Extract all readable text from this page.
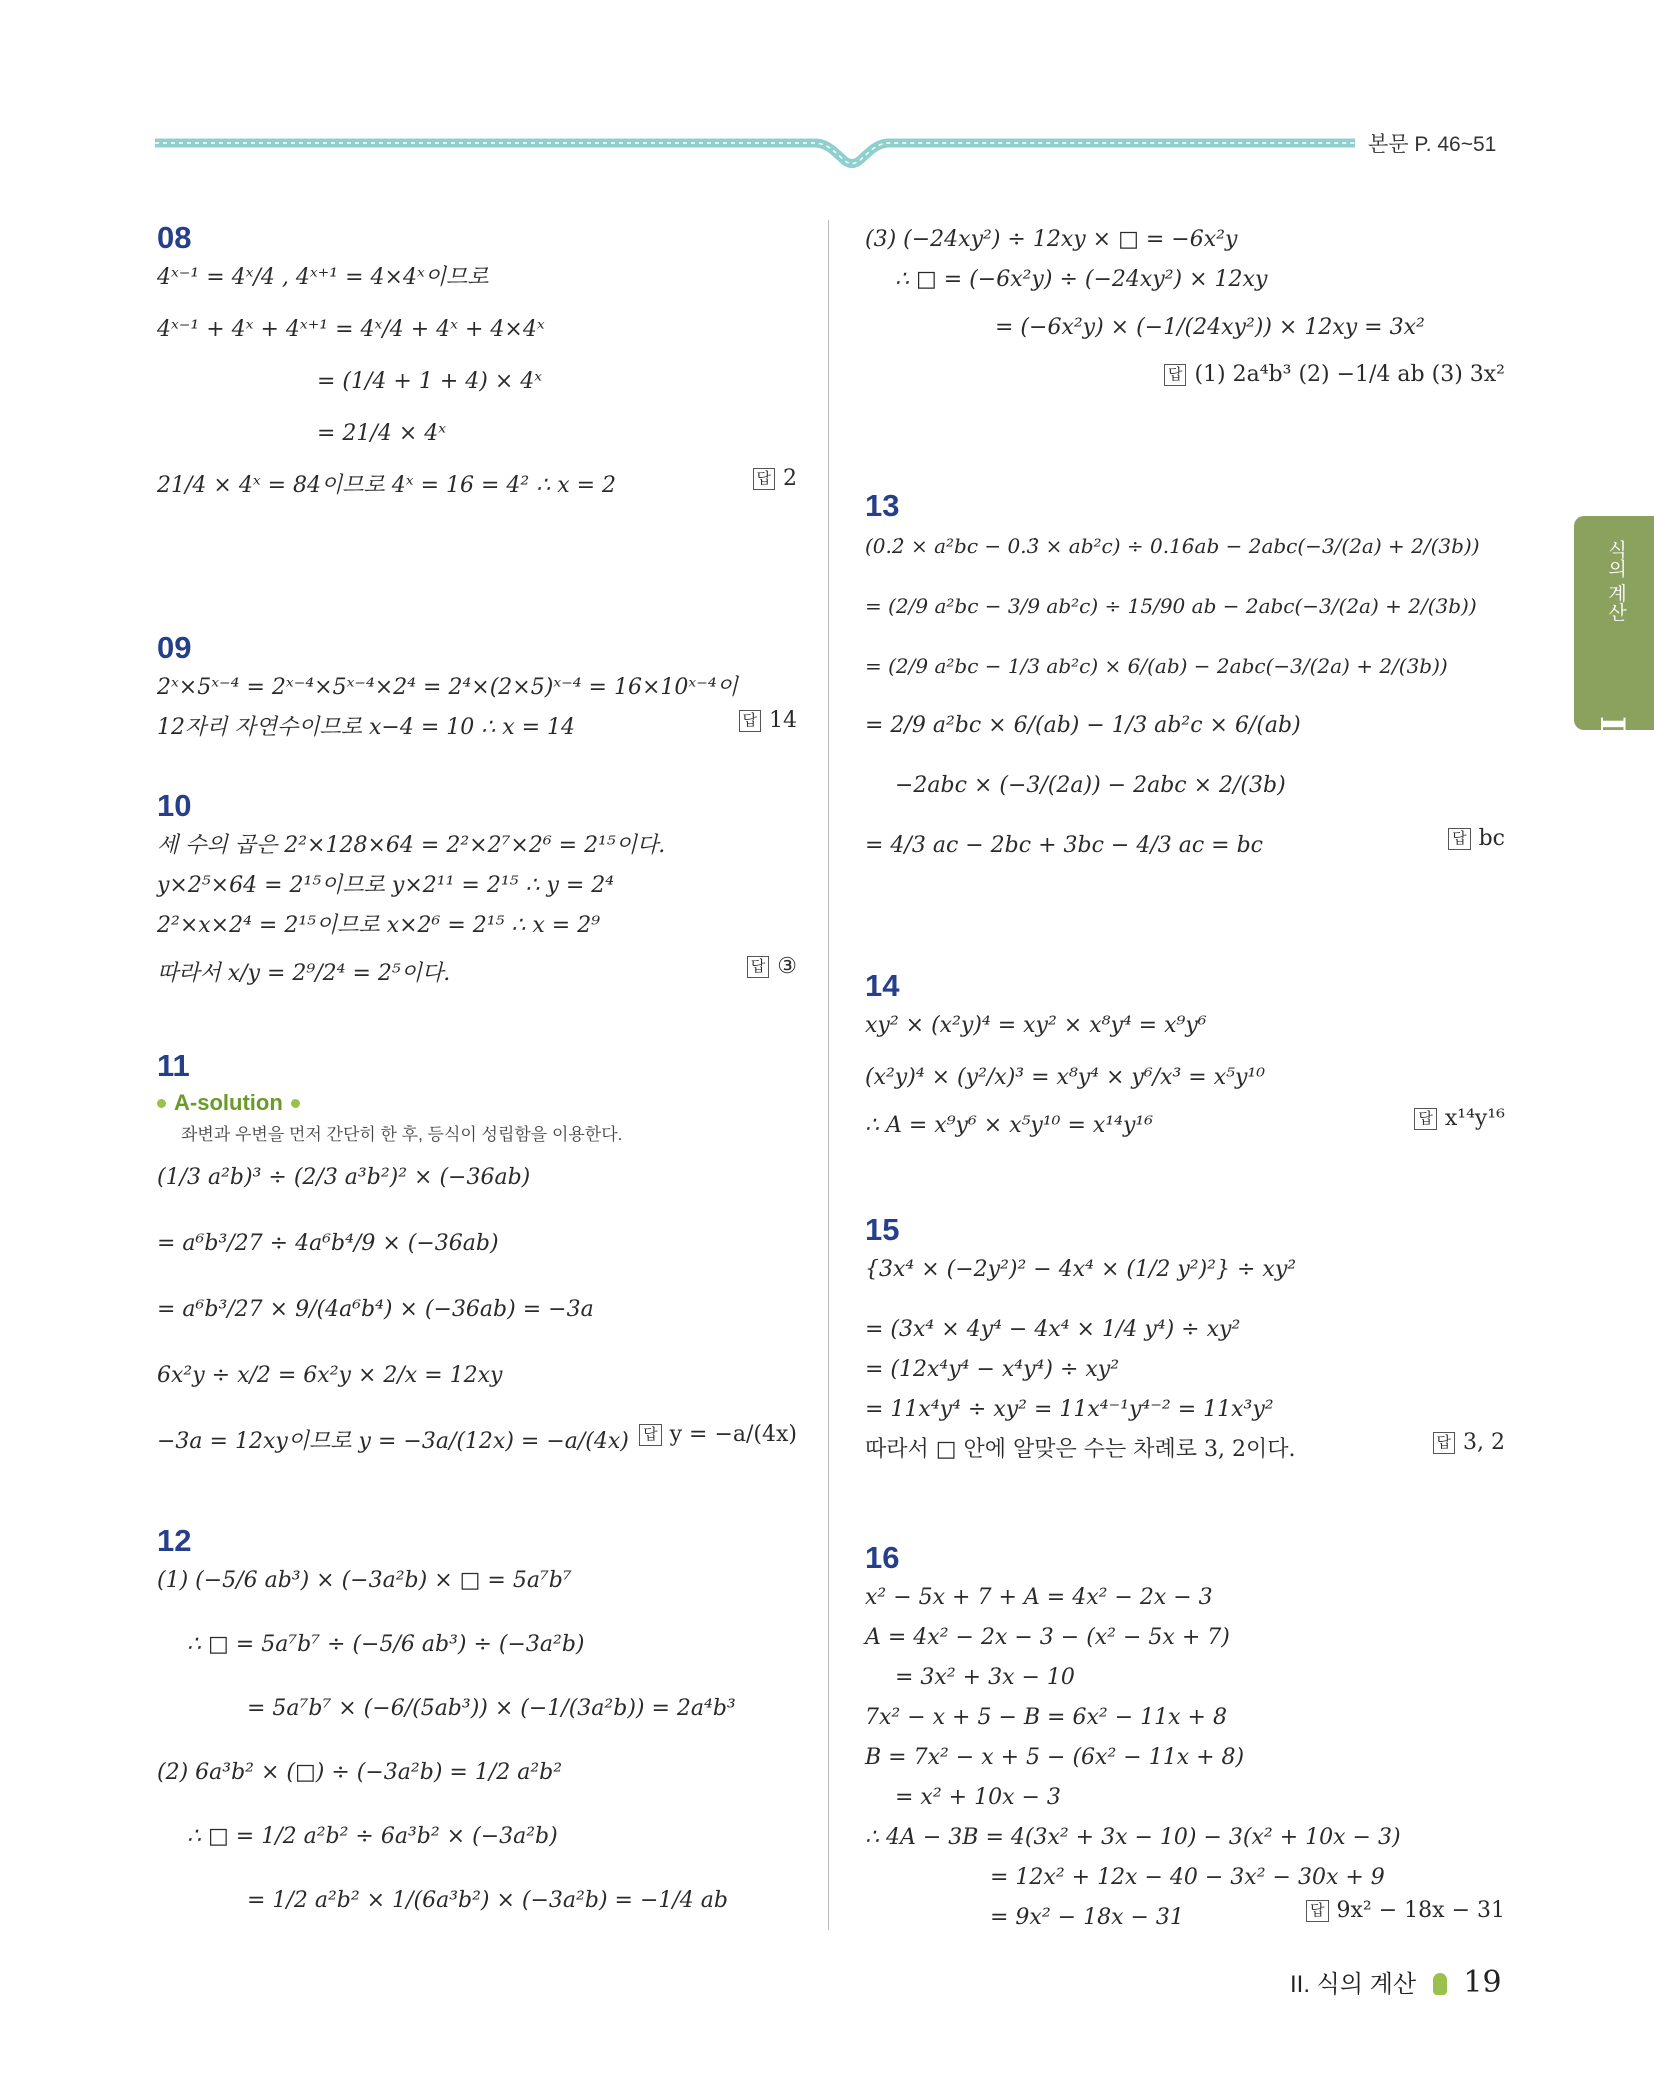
본문 P. 46~51
08
4ˣ⁻¹ = 4ˣ/4 , 4ˣ⁺¹ = 4×4ˣ이므로
4ˣ⁻¹ + 4ˣ + 4ˣ⁺¹ = 4ˣ/4 + 4ˣ + 4×4ˣ
= (1/4 + 1 + 4) × 4ˣ
= 21/4 × 4ˣ
21/4 × 4ˣ = 84이므로 4ˣ = 16 = 4² ∴ x = 2	답 2
09
2ˣ×5ˣ⁻⁴ = 2ˣ⁻⁴×5ˣ⁻⁴×2⁴ = 2⁴×(2×5)ˣ⁻⁴ = 16×10ˣ⁻⁴이
12자리 자연수이므로 x−4 = 10 ∴ x = 14	답 14
10
세 수의 곱은 2²×128×64 = 2²×2⁷×2⁶ = 2¹⁵이다.
y×2⁵×64 = 2¹⁵이므로 y×2¹¹ = 2¹⁵ ∴ y = 2⁴
2²×x×2⁴ = 2¹⁵이므로 x×2⁶ = 2¹⁵ ∴ x = 2⁹
따라서 x/y = 2⁹/2⁴ = 2⁵이다.	답 ③
11
A-solution
좌변과 우변을 먼저 간단히 한 후, 등식이 성립함을 이용한다.
(1/3 a²b)³ ÷ (2/3 a³b²)² × (−36ab)
= a⁶b³/27 ÷ 4a⁶b⁴/9 × (−36ab)
= a⁶b³/27 × 9/(4a⁶b⁴) × (−36ab) = −3a
6x²y ÷ x/2 = 6x²y × 2/x = 12xy
−3a = 12xy이므로 y = −3a/(12x) = −a/(4x) 답 y = −a/(4x)
12
(1) (−5/6 ab³) × (−3a²b) × □ = 5a⁷b⁷
∴ □ = 5a⁷b⁷ ÷ (−5/6 ab³) ÷ (−3a²b)
= 5a⁷b⁷ × (−6/(5ab³)) × (−1/(3a²b)) = 2a⁴b³
(2) 6a³b² × (□) ÷ (−3a²b) = 1/2 a²b²
∴ □ = 1/2 a²b² ÷ 6a³b² × (−3a²b)
= 1/2 a²b² × 1/(6a³b²) × (−3a²b) = −1/4 ab
(3) (−24xy²) ÷ 12xy × □ = −6x²y
∴ □ = (−6x²y) ÷ (−24xy²) × 12xy
= (−6x²y) × (−1/(24xy²)) × 12xy = 3x²
답 (1) 2a⁴b³ (2) −1/4 ab (3) 3x²
13
(0.2̇ × a²bc − 0.3̇ × ab²c) ÷ 0.16̇ab − 2abc(−3/(2a) + 2/(3b))
= (2/9 a²bc − 3/9 ab²c) ÷ 15/90 ab − 2abc(−3/(2a) + 2/(3b))
= (2/9 a²bc − 1/3 ab²c) × 6/(ab) − 2abc(−3/(2a) + 2/(3b))
= 2/9 a²bc × 6/(ab) − 1/3 ab²c × 6/(ab)
−2abc × (−3/(2a)) − 2abc × 2/(3b)
= 4/3 ac − 2bc + 3bc − 4/3 ac = bc	답 bc
14
xy² × (x²y)⁴ = xy² × x⁸y⁴ = x⁹y⁶
(x²y)⁴ × (y²/x)³ = x⁸y⁴ × y⁶/x³ = x⁵y¹⁰
∴ A = x⁹y⁶ × x⁵y¹⁰ = x¹⁴y¹⁶	답 x¹⁴y¹⁶
15
{3x⁴ × (−2y²)² − 4x⁴ × (1/2 y²)²} ÷ xy²
= (3x⁴ × 4y⁴ − 4x⁴ × 1/4 y⁴) ÷ xy²
= (12x⁴y⁴ − x⁴y⁴) ÷ xy²
= 11x⁴y⁴ ÷ xy² = 11x⁴⁻¹y⁴⁻² = 11x³y²
따라서 □ 안에 알맞은 수는 차례로 3, 2이다.	답 3, 2
16
x² − 5x + 7 + A = 4x² − 2x − 3
A = 4x² − 2x − 3 − (x² − 5x + 7)
= 3x² + 3x − 10
7x² − x + 5 − B = 6x² − 11x + 8
B = 7x² − x + 5 − (6x² − 11x + 8)
= x² + 10x − 3
∴ 4A − 3B = 4(3x² + 3x − 10) − 3(x² + 10x − 3)
= 12x² + 12x − 40 − 3x² − 30x + 9
= 9x² − 18x − 31	답 9x² − 18x − 31
식의 계산
II
II. 식의 계산 19
